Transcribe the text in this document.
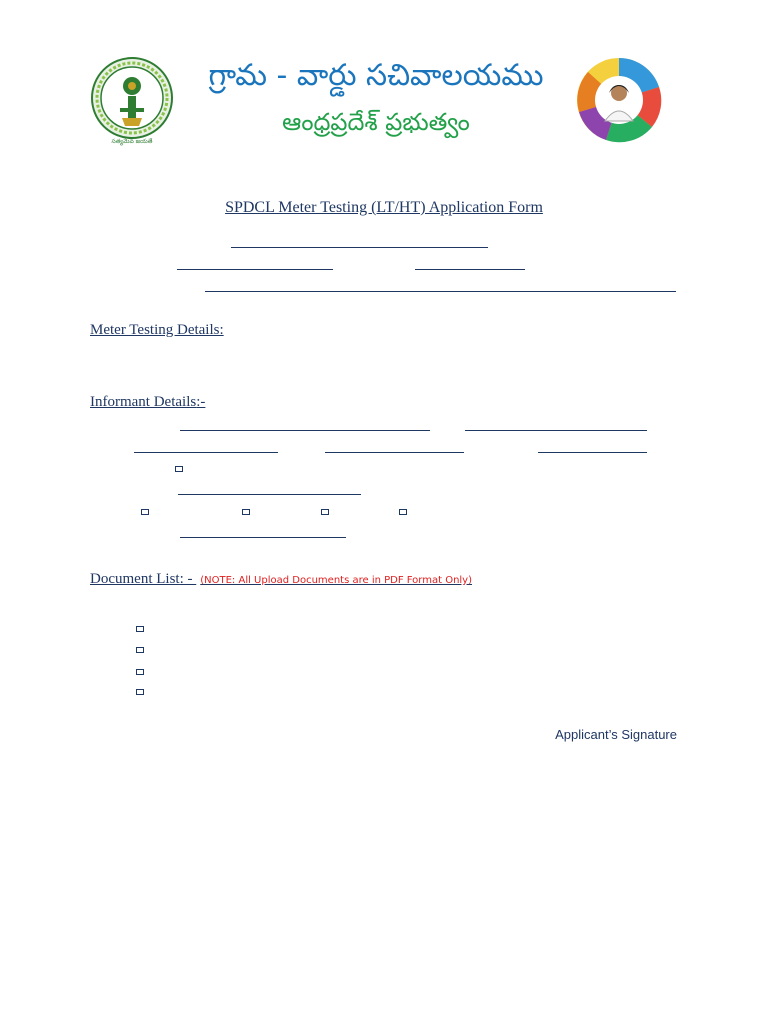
సత్యమేవ జయతే
గ్రామ - వార్డు సచివాలయము
ఆంధ్రప్రదేశ్ ప్రభుత్వం
SPDCL Meter Testing (LT/HT) Application Form
Meter Testing Details:
Informant Details:-
Document List: - (NOTE: All Upload Documents are in PDF Format Only)
Applicant’s Signature
